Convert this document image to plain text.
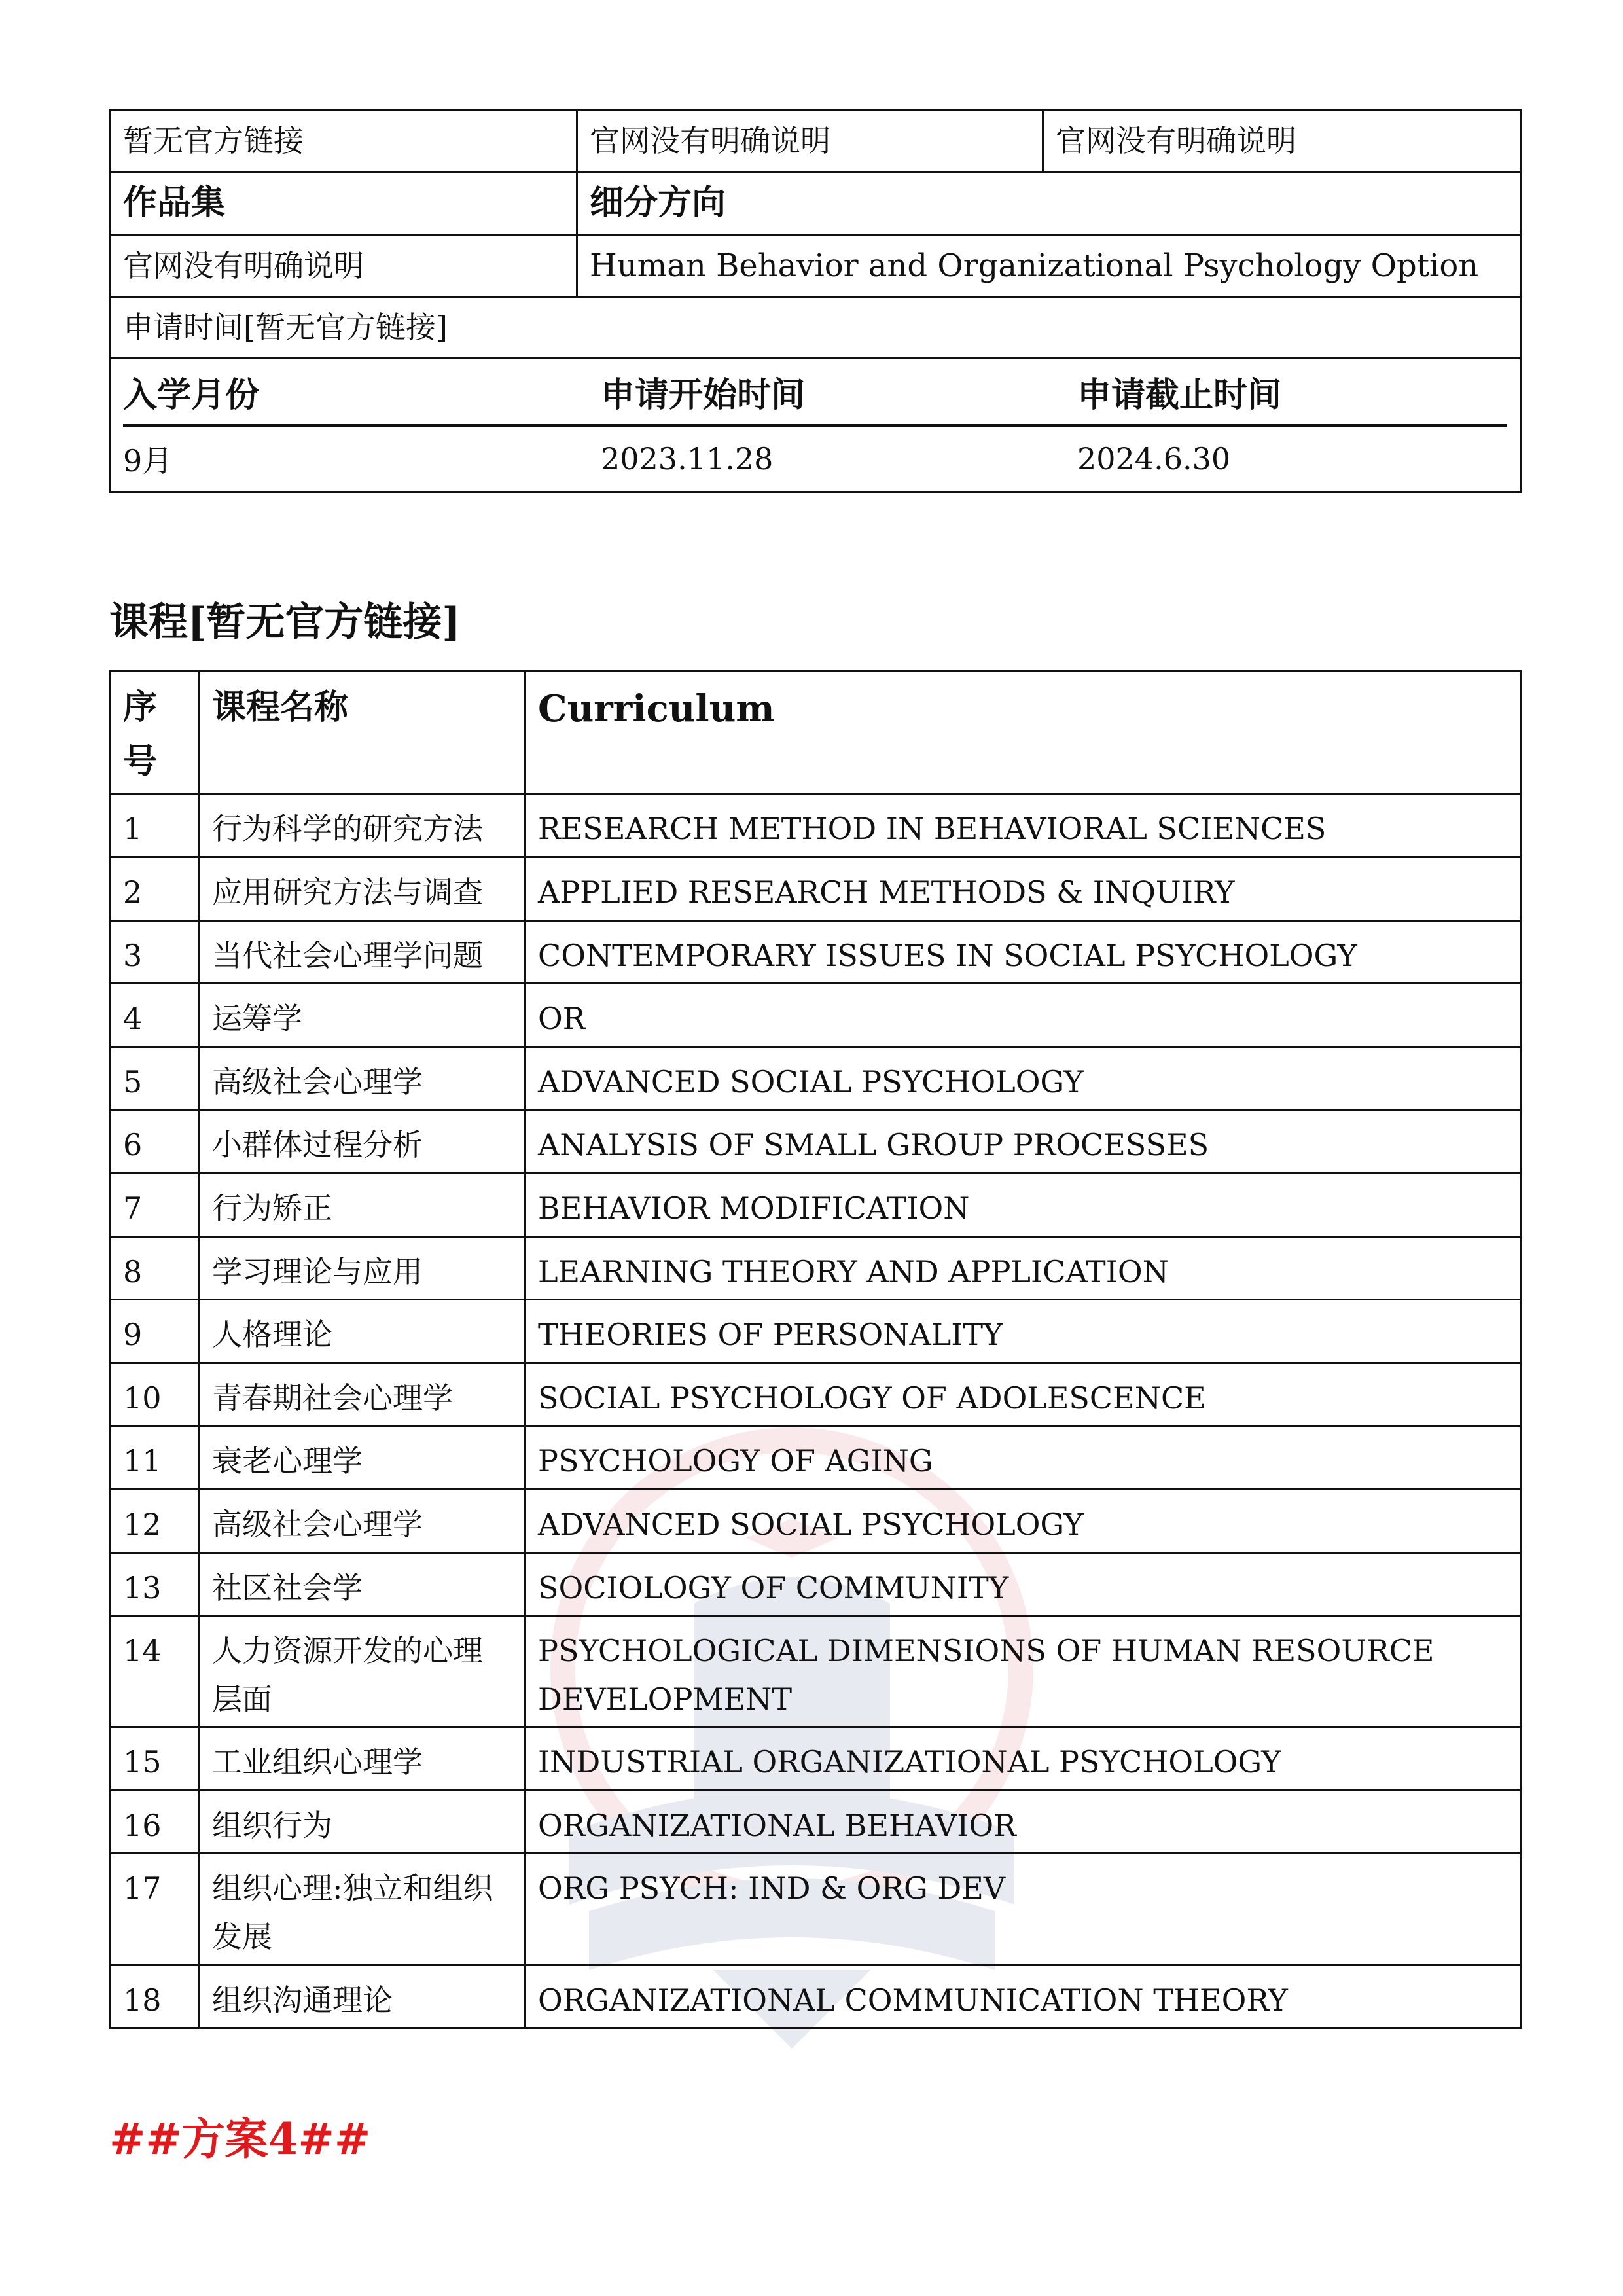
暂无官方链接	官网没有明确说明	官网没有明确说明
作品集	细分方向
官网没有明确说明	Human Behavior and Organizational Psychology Option
申请时间[暂无官方链接]
入学月份	申请开始时间	申请截止时间
9月	2023.11.28	2024.6.30
课程[暂无官方链接]
序号	课程名称	Curriculum
1	行为科学的研究方法	RESEARCH METHOD IN BEHAVIORAL SCIENCES
2	应用研究方法与调查	APPLIED RESEARCH METHODS & INQUIRY
3	当代社会心理学问题	CONTEMPORARY ISSUES IN SOCIAL PSYCHOLOGY
4	运筹学	OR
5	高级社会心理学	ADVANCED SOCIAL PSYCHOLOGY
6	小群体过程分析	ANALYSIS OF SMALL GROUP PROCESSES
7	行为矫正	BEHAVIOR MODIFICATION
8	学习理论与应用	LEARNING THEORY AND APPLICATION
9	人格理论	THEORIES OF PERSONALITY
10	青春期社会心理学	SOCIAL PSYCHOLOGY OF ADOLESCENCE
11	衰老心理学	PSYCHOLOGY OF AGING
12	高级社会心理学	ADVANCED SOCIAL PSYCHOLOGY
13	社区社会学	SOCIOLOGY OF COMMUNITY
14	人力资源开发的心理层面	PSYCHOLOGICAL DIMENSIONS OF HUMAN RESOURCE DEVELOPMENT
15	工业组织心理学	INDUSTRIAL ORGANIZATIONAL PSYCHOLOGY
16	组织行为	ORGANIZATIONAL BEHAVIOR
17	组织心理:独立和组织发展	ORG PSYCH: IND & ORG DEV
18	组织沟通理论	ORGANIZATIONAL COMMUNICATION THEORY
##方案4##
